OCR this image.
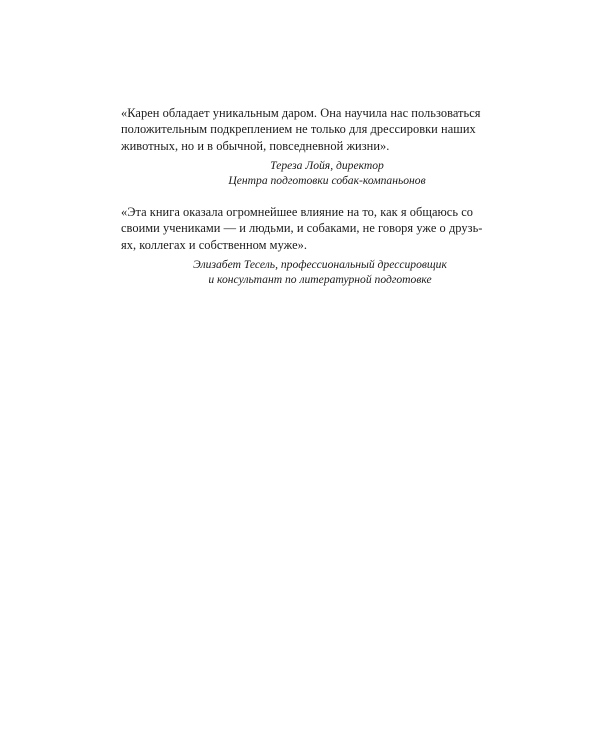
«Карен обладает уникальным даром. Она научила нас пользоваться
положительным подкреплением не только для дрессировки наших
животных, но и в обычной, повседневной жизни».

Тереза Лойя, директор
Центра подготовки собак-компаньонов

«Эта книга оказала огромнейшее влияние на то, как я общаюсь со
своими учениками — и людьми, и собаками, не говоря уже о друзь-
ях, коллегах и собственном муже».

Элизабет Тесель, профессиональный дрессировщик
и консультант по литературной подготовке
